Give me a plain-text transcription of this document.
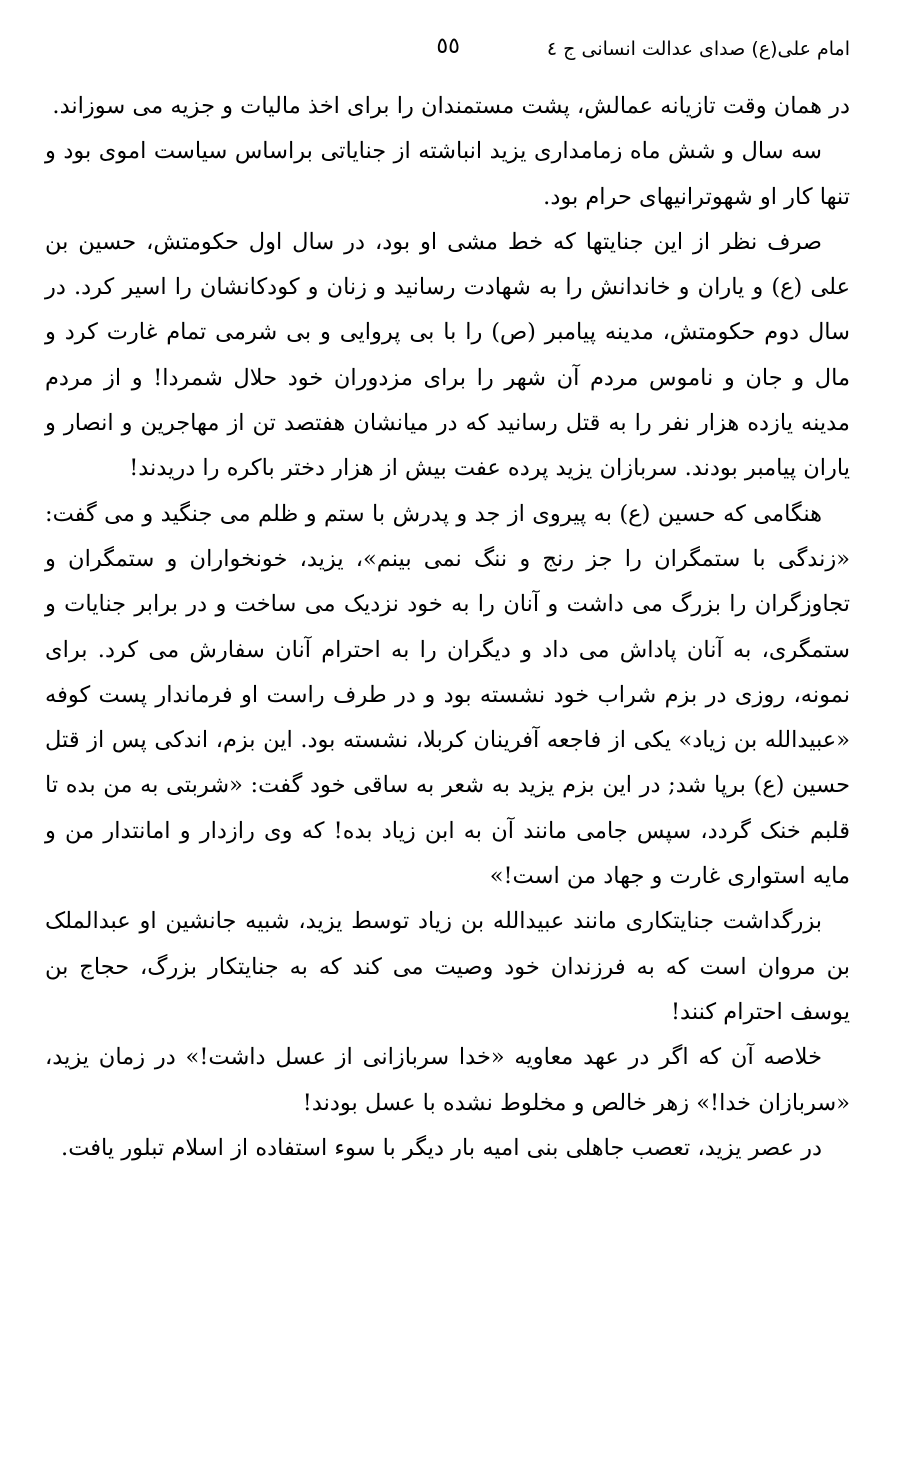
امام علی(ع) صدای عدالت انسانی ج ٤
٥٥

در همان وقت تازیانه عمالش، پشت مستمندان را برای اخذ مالیات و جزیه می سوزاند.

سه سال و شش ماه زمامداری یزید انباشته از جنایاتی براساس سیاست اموی بود و تنها کار او شهوترانیهای حرام بود.

صرف نظر از این جنایتها که خط مشی او بود، در سال اول حکومتش، حسین بن علی (ع) و یاران و خاندانش را به شهادت رسانید و زنان و کودکانشان را اسیر کرد. در سال دوم حکومتش، مدینه پیامبر (ص) را با بی پروایی و بی شرمی تمام غارت کرد و مال و جان و ناموس مردم آن شهر را برای مزدوران خود حلال شمردا! و از مردم مدینه یازده هزار نفر را به قتل رسانید که در میانشان هفتصد تن از مهاجرین و انصار و یاران پیامبر بودند. سربازان یزید پرده عفت بیش از هزار دختر باکره را دریدند!

هنگامی که حسین (ع) به پیروی از جد و پدرش با ستم و ظلم می جنگید و می گفت: «زندگی با ستمگران را جز رنج و ننگ نمی بینم»، یزید، خونخواران و ستمگران و تجاوزگران را بزرگ می داشت و آنان را به خود نزدیک می ساخت و در برابر جنایات و ستمگری، به آنان پاداش می داد و دیگران را به احترام آنان سفارش می کرد. برای نمونه، روزی در بزم شراب خود نشسته بود و در طرف راست او فرماندار پست کوفه «عبیدالله بن زیاد» یکی از فاجعه آفرینان کربلا، نشسته بود. این بزم، اندکی پس از قتل حسین (ع) برپا شد; در این بزم یزید به شعر به ساقی خود گفت: «شربتی به من بده تا قلبم خنک گردد، سپس جامی مانند آن به ابن زیاد بده! که وی رازدار و امانتدار من و مایه استواری غارت و جهاد من است!»

بزرگداشت جنایتکاری مانند عبیدالله بن زیاد توسط یزید، شبیه جانشین او عبدالملک بن مروان است که به فرزندان خود وصیت می کند که به جنایتکار بزرگ، حجاج بن یوسف احترام کنند!

خلاصه آن که اگر در عهد معاویه «خدا سربازانی از عسل داشت!» در زمان یزید، «سربازان خدا!» زهر خالص و مخلوط نشده با عسل بودند!

در عصر یزید، تعصب جاهلی بنی امیه بار دیگر با سوء استفاده از اسلام تبلور یافت.
